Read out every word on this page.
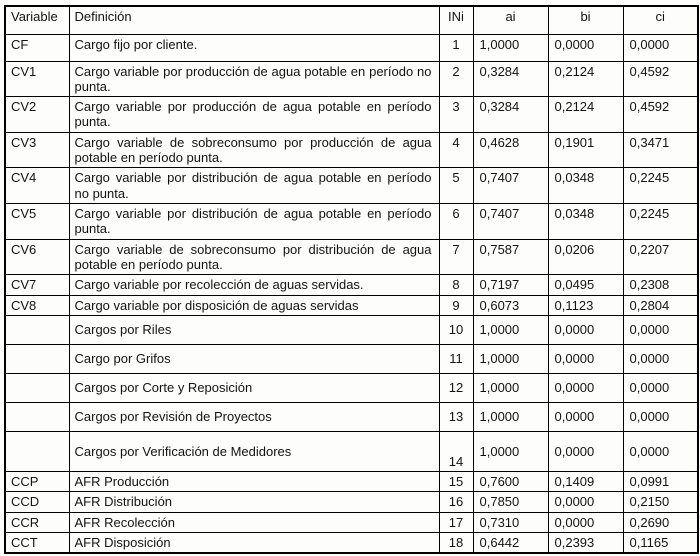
Variable	Definición	INi	ai	bi	ci
CF	Cargo fijo por cliente.	1	1,0000	0,0000	0,0000
CV1	Cargo variable por producción de agua potable en período no punta.	2	0,3284	0,2124	0,4592
CV2	Cargo variable por producción de agua potable en período punta.	3	0,3284	0,2124	0,4592
CV3	Cargo variable de sobreconsumo por producción de agua potable en período punta.	4	0,4628	0,1901	0,3471
CV4	Cargo variable por distribución de agua potable en período no punta.	5	0,7407	0,0348	0,2245
CV5	Cargo variable por distribución de agua potable en período punta.	6	0,7407	0,0348	0,2245
CV6	Cargo variable de sobreconsumo por distribución de agua potable en período punta.	7	0,7587	0,0206	0,2207
CV7	Cargo variable por recolección de aguas servidas.	8	0,7197	0,0495	0,2308
CV8	Cargo variable por disposición de aguas servidas	9	0,6073	0,1123	0,2804
	Cargos por Riles	10	1,0000	0,0000	0,0000
	Cargo por Grifos	11	1,0000	0,0000	0,0000
	Cargos por Corte y Reposición	12	1,0000	0,0000	0,0000
	Cargos por Revisión de Proyectos	13	1,0000	0,0000	0,0000
	Cargos por Verificación de Medidores	14	1,0000	0,0000	0,0000
CCP	AFR Producción	15	0,7600	0,1409	0,0991
CCD	AFR Distribución	16	0,7850	0,0000	0,2150
CCR	AFR Recolección	17	0,7310	0,0000	0,2690
CCT	AFR Disposición	18	0,6442	0,2393	0,1165
